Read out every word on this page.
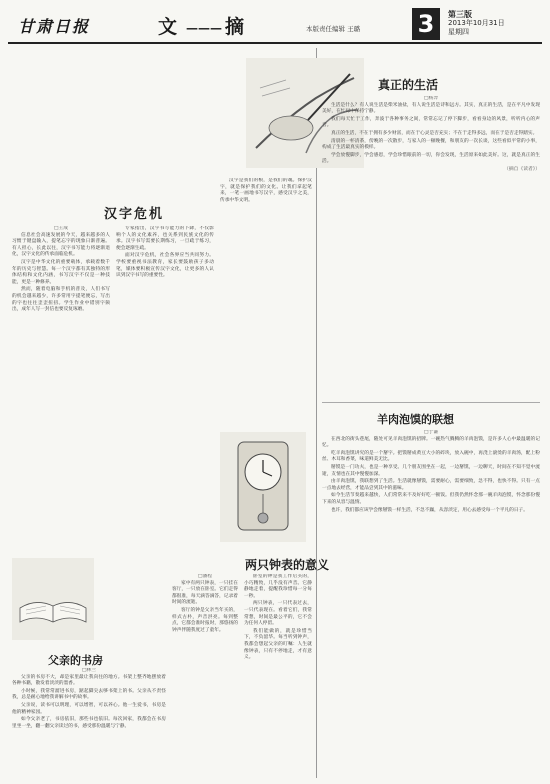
甘肃日报	文 ——— 摘	本版责任编辑 王璐 3	第三版
2013年10月31日
星期四
汉字危机
□王成

信息社会高速发展的今天，越来越多的人习惯于键盘输入，提笔忘字的现象日渐普遍。有人担心，长此以往，汉字书写能力将逐渐退化，汉字文化的传承面临危机。

汉字是中华文化的重要载体，承载着数千年的历史与智慧。每一个汉字都有其独特的形体结构和文化内涵，书写汉字不仅是一种技能，更是一种修养。

然而，随着电脑和手机的普及，人们书写的机会越来越少，许多常用字提笔便忘，写出的字也往往歪歪扭扭。学生作业中错别字频出，成年人写一封信也要反复琢磨。

专家指出，汉字书写能力的下降，不仅影响个人的文化素养，也关系到民族文化的传承。汉字书写需要长期练习，一旦疏于练习，便会逐渐生疏。

面对汉字危机，社会各界应当共同努力。学校要重视书法教育，家长要鼓励孩子多动笔，媒体要积极宣传汉字文化，让更多的人认识到汉字书写的重要性。

汉字是我们的根，是我们的魂。保护汉字，就是保护我们的文化。让我们拿起笔来，一笔一画地书写汉字，感受汉字之美，传承中华文明。

两只钟表的意义
□潘程

家中有两只钟表，一只挂在客厅，一只放在卧室。它们走得都很准，每天滴答滴答，记录着时间的流逝。

客厅的钟是父亲当年买的，样式古朴，声音洪亮。每到整点，它都会准时报时，那悠扬的钟声伴随我度过了童年。

卧室的钟是我工作后买的，小巧精致，几乎没有声音。它静静地走着，提醒我珍惜每一分每一秒。

两只钟表，一只代表过去，一只代表现在。看着它们，我常常想，时间是最公平的，它不会为任何人停留。

我们能做的，就是珍惜当下，不负韶华。每当听到钟声，我都会想起父亲的叮嘱：人生就像钟表，只有不停地走，才有意义。

父亲的书房
□林兰

父亲的书房不大，却是家里最让我向往的地方。书架上整齐地摆放着各种书籍，散发着淡淡的墨香。

小时候，我常常溜进书房，踮起脚尖去够书架上的书。父亲从不责怪我，总是耐心地给我讲解书中的故事。

父亲说，读书可以明理，可以增智，可以养心。他一生爱书，书房是他的精神家园。

如今父亲老了，书房依旧，那些书也依旧。每次回家，我都会在书房里坐一坐，翻一翻父亲读过的书，感受那份温暖与宁静。

真正的生活
□杨羿

生活是什么？有人说生活是柴米油盐，有人说生活是诗和远方。其实，真正的生活，是在平凡中发现美好，在忙碌中保持宁静。

我们每天忙于工作，奔波于各种事务之间，常常忘记了停下脚步，看看身边的风景，听听内心的声音。

真正的生活，不在于拥有多少财富，而在于心灵是否充实；不在于走得多远，而在于是否走得踏实。

清晨的一杯清茶，傍晚的一次散步，与家人的一顿晚餐，和朋友的一次长谈，这些看似平常的小事，构成了生活最真实的模样。

学会放慢脚步，学会感恩，学会珍惜眼前的一切，你会发现，生活原来如此美好。这，就是真正的生活。

（摘自《读者》）
羊肉泡馍的联想
□于谦

在西北的街头巷尾，随处可见羊肉泡馍的招牌。一碗热气腾腾的羊肉泡馍，是许多人心中最温暖的记忆。

吃羊肉泡馍讲究的是一个掰字。把馍掰成黄豆大小的碎块，放入碗中，再浇上滚烫的羊肉汤，配上粉丝、木耳和香菜，味道鲜美无比。

掰馍是一门功夫，也是一种享受。几个朋友围坐在一起，一边掰馍，一边聊天，时间在不知不觉中流逝，友情也在其中慢慢加深。

由羊肉泡馍，我联想到了生活。生活就像掰馍，需要耐心，需要细致，急不得，也快不得。只有一点一点地去经营，才能品尝到其中的滋味。

如今生活节奏越来越快，人们常常来不及好好吃一顿饭。但我仍然怀念那一碗羊肉泡馍，怀念那份慢下来的从容与温情。

也许，我们都应该学会像掰馍一样生活，不急不躁，从容淡定，用心去感受每一个平凡的日子。
